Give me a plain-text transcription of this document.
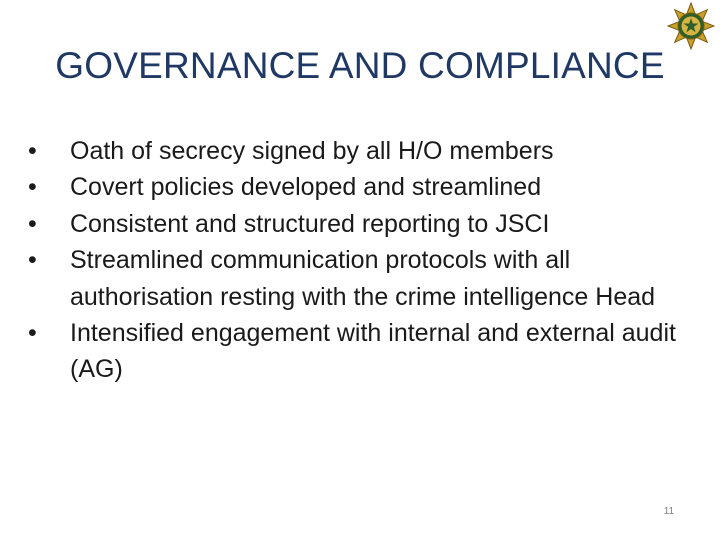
GOVERNANCE AND COMPLIANCE
•	Oath of secrecy signed by all H/O members
•	Covert policies developed and streamlined
•	Consistent and structured reporting to JSCI
•	Streamlined communication protocols with all authorisation resting with the crime intelligence Head
•	Intensified engagement with internal and external audit (AG)
11
